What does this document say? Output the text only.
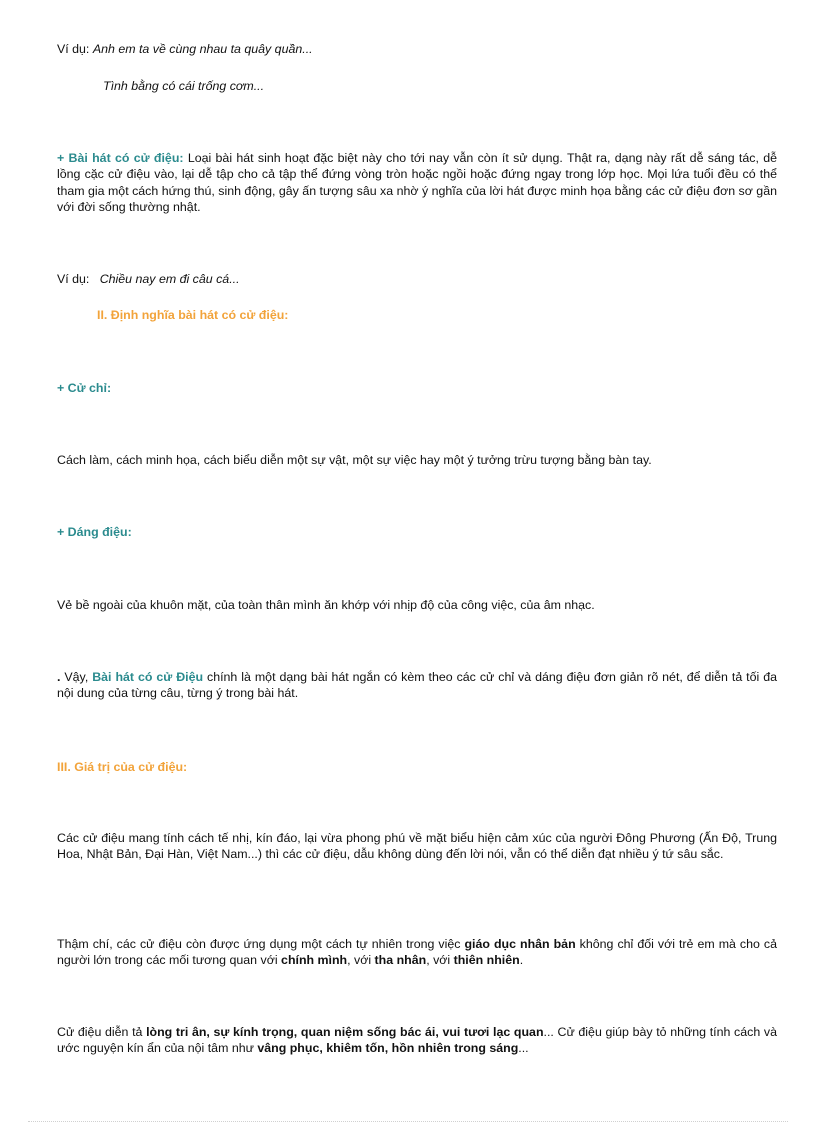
Ví dụ: Anh em ta về cùng nhau ta quây quần...
Tình bằng có cái trống cơm...
+ Bài hát có cử điệu: Loại bài hát sinh hoạt đặc biệt này cho tới nay vẫn còn ít sử dụng. Thật ra, dạng này rất dễ sáng tác, dễ lồng cặc cử điệu vào, lại dễ tập cho cả tập thể đứng vòng tròn hoặc ngồi hoặc đứng ngay trong lớp học. Mọi lứa tuổi đều có thể tham gia một cách hứng thú, sinh động, gây ấn tượng sâu xa nhờ ý nghĩa của lời hát được minh họa bằng các cử điệu đơn sơ gần với đời sống thường nhật.
Ví dụ:   Chiều nay em đi câu cá...
II. Định nghĩa bài hát có cử điệu:
+ Cử chỉ:
Cách làm, cách minh họa, cách biểu diễn một sự vật, một sự việc hay một ý tưởng trừu tượng bằng bàn tay.
+ Dáng điệu:
Vẻ bề ngoài của khuôn mặt, của toàn thân mình ăn khớp với nhịp độ của công việc, của âm nhạc.
. Vậy, Bài hát có cử Điệu chính là một dạng bài hát ngắn có kèm theo các cử chỉ và dáng điệu đơn giản rõ nét, để diễn tả tối đa nội dung của từng câu, từng ý trong bài hát.
III. Giá trị của cử điệu:
Các cử điệu mang tính cách tế nhị, kín đáo, lại vừa phong phú về mặt biểu hiện cảm xúc của người Đông Phương (Ấn Độ, Trung Hoa, Nhật Bản, Đại Hàn, Việt Nam...) thì các cử điệu, dẫu không dùng đến lời nói, vẫn có thể diễn đạt nhiều ý tứ sâu sắc.
Thậm chí, các cử điệu còn được ứng dụng một cách tự nhiên trong việc giáo dục nhân bản không chỉ đối với trẻ em mà cho cả người lớn trong các mối tương quan với chính mình, với tha nhân, với thiên nhiên.
Cử điệu diễn tả lòng tri ân, sự kính trọng, quan niệm sống bác ái, vui tươi lạc quan... Cử điệu giúp bày tỏ những tính cách và ước nguyện kín ẩn của nội tâm như vâng phục, khiêm tốn, hồn nhiên trong sáng...
